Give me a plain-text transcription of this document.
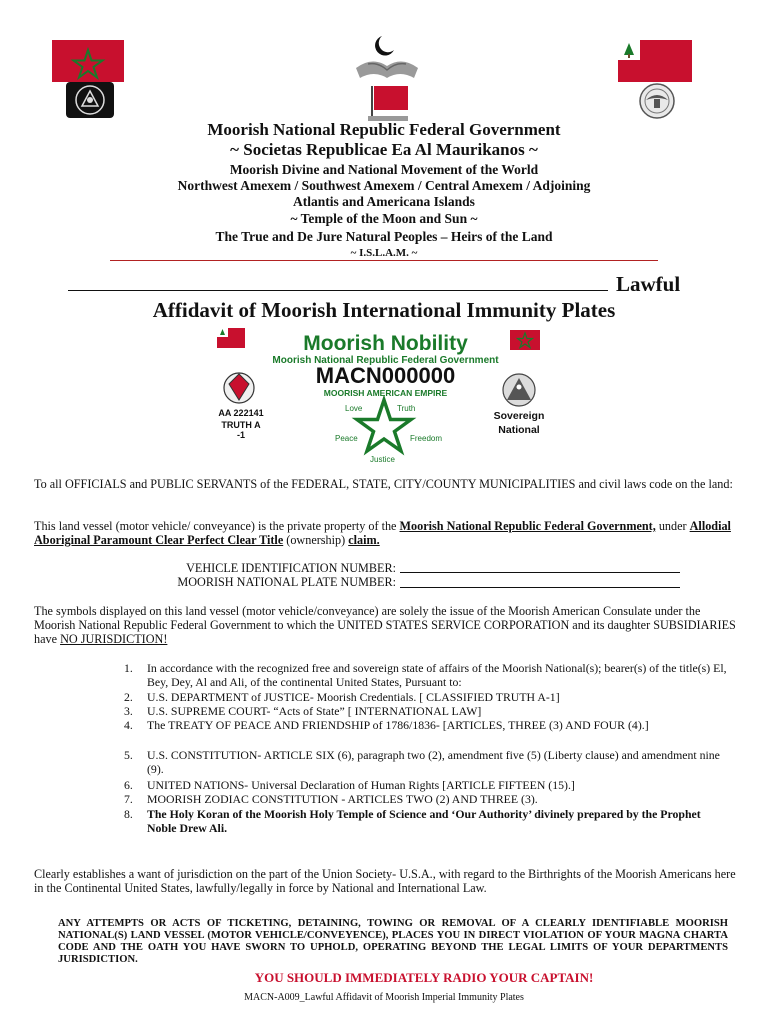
Moorish National Republic Federal Government
~ Societas Republicae Ea Al Maurikanos ~
Moorish Divine and National Movement of the World
Northwest Amexem / Southwest Amexem / Central Amexem / Adjoining
Atlantis and Americana Islands
~ Temple of the Moon and Sun ~
The True and De Jure Natural Peoples – Heirs of the Land
~ I.S.L.A.M. ~
Lawful
Affidavit of Moorish International Immunity Plates
Moorish Nobility
Moorish National Republic Federal Government
MACN000000
MOORISH AMERICAN EMPIRE
AA 222141
TRUTH A -1
Sovereign
National
Love	Truth
Peace	Freedom
Justice
To all OFFICIALS and PUBLIC SERVANTS of the FEDERAL, STATE, CITY/COUNTY MUNICIPALITIES and civil laws code on the land:
This land vessel (motor vehicle/ conveyance) is the private property of the Moorish National Republic Federal Government, under Allodial Aboriginal Paramount Clear Perfect Clear Title (ownership) claim.
VEHICLE IDENTIFICATION NUMBER:
MOORISH NATIONAL PLATE NUMBER:
The symbols displayed on this land vessel (motor vehicle/conveyance) are solely the issue of the Moorish American Consulate under the Moorish National Republic Federal Government to which the UNITED STATES SERVICE CORPORATION and its daughter SUBSIDIARIES have NO JURISDICTION!
1. In accordance with the recognized free and sovereign state of affairs of the Moorish National(s); bearer(s) of the title(s) El, Bey, Dey, Al and Ali, of the continental United States, Pursuant to:
2. U.S. DEPARTMENT of JUSTICE- Moorish Credentials. [ CLASSIFIED TRUTH A-1]
3. U.S. SUPREME COURT- “Acts of State” [ INTERNATIONAL LAW]
4. The TREATY OF PEACE AND FRIENDSHIP of 1786/1836- [ARTICLES, THREE (3) AND FOUR (4).]
5. U.S. CONSTITUTION- ARTICLE SIX (6), paragraph two (2), amendment five (5) (Liberty clause) and amendment nine (9).
6. UNITED NATIONS- Universal Declaration of Human Rights [ARTICLE FIFTEEN (15).]
7. MOORISH ZODIAC CONSTITUTION - ARTICLES TWO (2) AND THREE (3).
8. The Holy Koran of the Moorish Holy Temple of Science and ‘Our Authority’ divinely prepared by the Prophet Noble Drew Ali.
Clearly establishes a want of jurisdiction on the part of the Union Society- U.S.A., with regard to the Birthrights of the Moorish Americans here in the Continental United States, lawfully/legally in force by National and International Law.
ANY ATTEMPTS OR ACTS OF TICKETING, DETAINING, TOWING OR REMOVAL OF A CLEARLY IDENTIFIABLE MOORISH NATIONAL(S) LAND VESSEL (MOTOR VEHICLE/CONVEYENCE), PLACES YOU IN DIRECT VIOLATION OF YOUR MAGNA CHARTA CODE AND THE OATH YOU HAVE SWORN TO UPHOLD, OPERATING BEYOND THE LEGAL LIMITS OF YOUR DEPARTMENTS JURISDICTION.
YOU SHOULD IMMEDIATELY RADIO YOUR CAPTAIN!
MACN-A009_Lawful Affidavit of Moorish Imperial Immunity Plates
